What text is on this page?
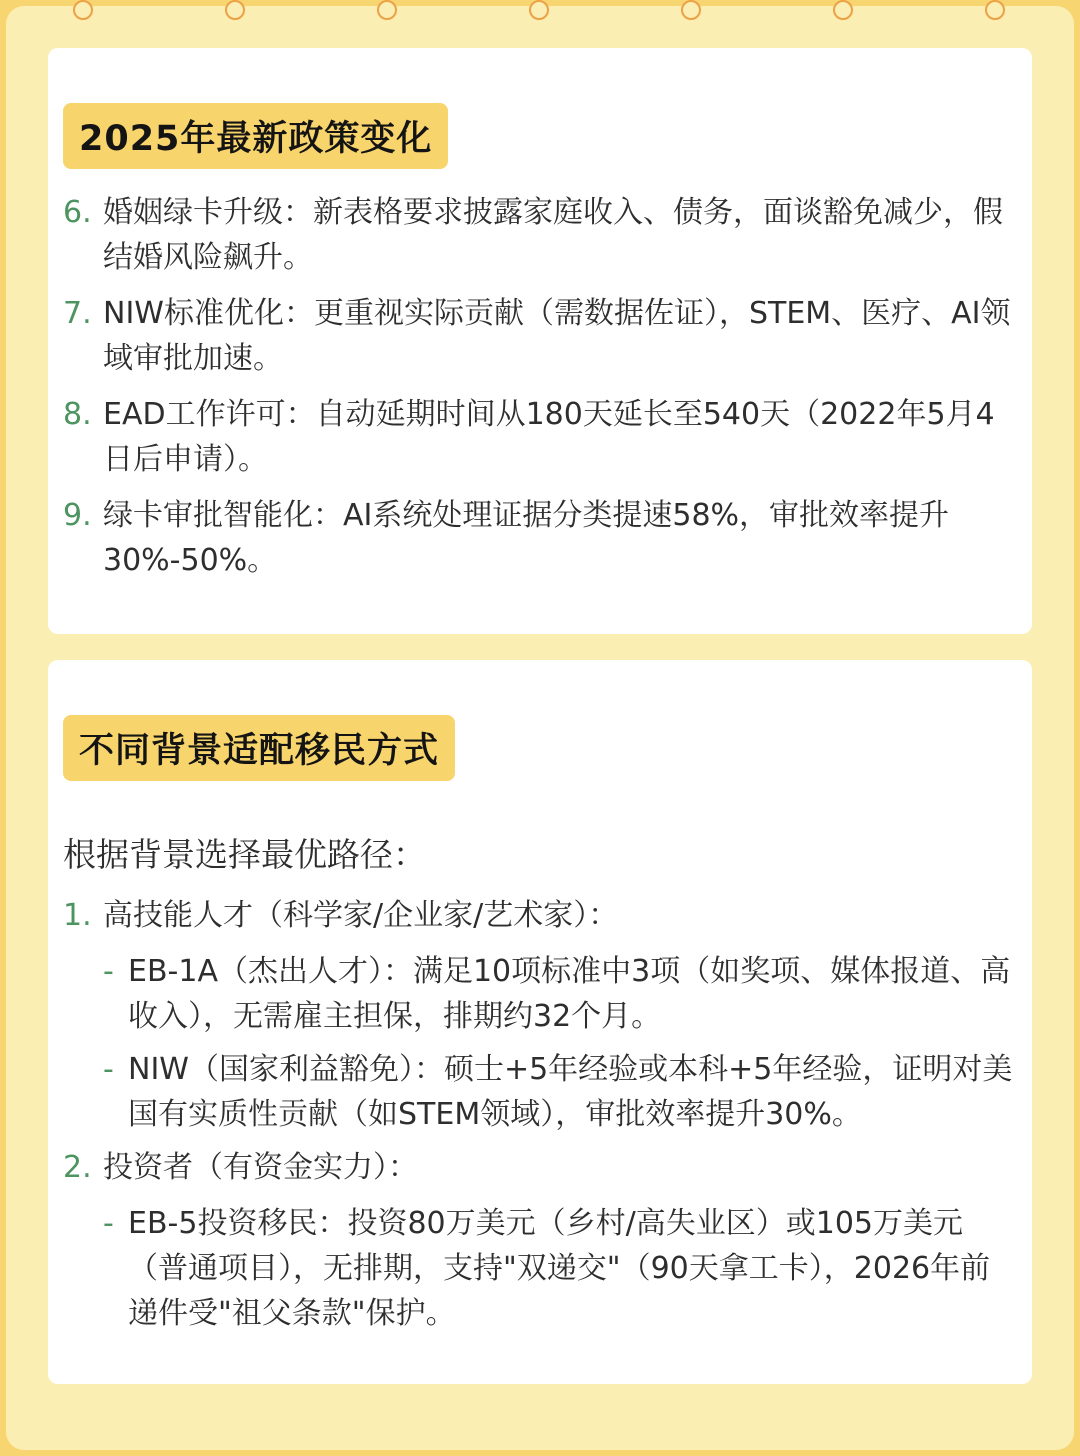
2025年最新政策变化
6. 婚姻绿卡升级：新表格要求披露家庭收入、债务，面谈豁免减少，假结婚风险飙升。
7. NIW标准优化：更重视实际贡献（需数据佐证），STEM、医疗、AI领域审批加速。
8. EAD工作许可：自动延期时间从180天延长至540天（2022年5月4日后申请）。
9. 绿卡审批智能化：AI系统处理证据分类提速58%，审批效率提升30%-50%。
不同背景适配移民方式
根据背景选择最优路径：
1. 高技能人才（科学家/企业家/艺术家）：
- EB-1A（杰出人才）：满足10项标准中3项（如奖项、媒体报道、高收入），无需雇主担保，排期约32个月。
- NIW（国家利益豁免）：硕士+5年经验或本科+5年经验，证明对美国有实质性贡献（如STEM领域），审批效率提升30%。
2. 投资者（有资金实力）：
- EB-5投资移民：投资80万美元（乡村/高失业区）或105万美元（普通项目），无排期，支持"双递交"（90天拿工卡），2026年前递件受"祖父条款"保护。
